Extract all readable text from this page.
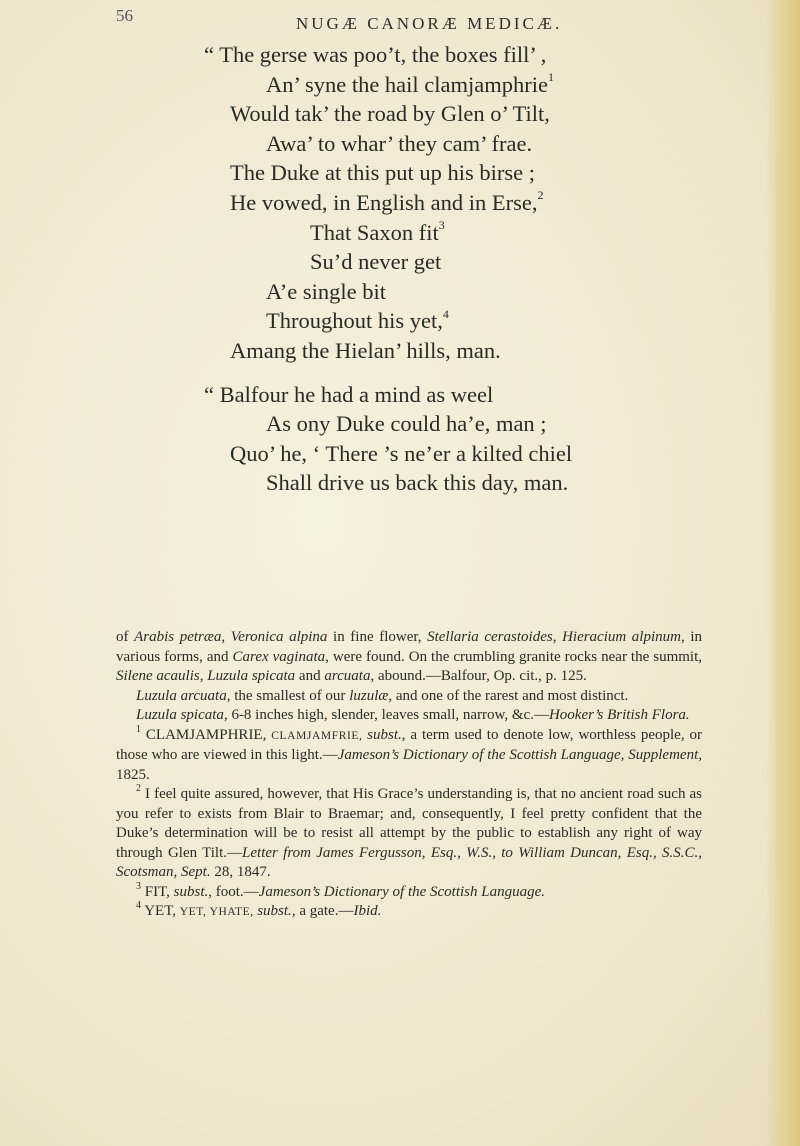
56	NUGÆ CANORÆ MEDICÆ.
“ The gerse was poo’t, the boxes fill’ ,
An’ syne the hail clamjamphrie$^1$
Would tak’ the road by Glen o’ Tilt,
Awa’ to whar’ they cam’ frae.
The Duke at this put up his birse ;
He vowed, in English and in Erse,$^2$
That Saxon fit$^3$
Su’d never get
A’e single bit
Throughout his yet,$^4$
Amang the Hielan’ hills, man.
“ Balfour he had a mind as weel
As ony Duke could ha’e, man ;
Quo’ he, ‘ There ’s ne’er a kilted chiel
Shall drive us back this day, man.

of Arabis petræa, Veronica alpina in fine flower, Stellaria cerastoides, Hieracium alpinum, in various forms, and Carex vaginata, were found. On the crumbling granite rocks near the summit, Silene acaulis, Luzula spicata and arcuata, abound.—Balfour, Op. cit., p. 125.

Luzula arcuata, the smallest of our luzulæ, and one of the rarest and most distinct.

Luzula spicata, 6-8 inches high, slender, leaves small, narrow, &c.—Hooker’s British Flora.

$^1$ CLAMJAMPHRIE, CLAMJAMFRIE, subst., a term used to denote low, worthless people, or those who are viewed in this light.—Jameson’s Dictionary of the Scottish Language, Supplement, 1825.

$^2$ I feel quite assured, however, that His Grace’s understanding is, that no ancient road such as you refer to exists from Blair to Braemar; and, consequently, I feel pretty confident that the Duke’s determination will be to resist all attempt by the public to establish any right of way through Glen Tilt.—Letter from James Fergusson, Esq., W.S., to William Duncan, Esq., S.S.C., Scotsman, Sept. 28, 1847.

$^3$ FIT, subst., foot.—Jameson’s Dictionary of the Scottish Language.

$^4$ YET, YET, YHATE, subst., a gate.—Ibid.
